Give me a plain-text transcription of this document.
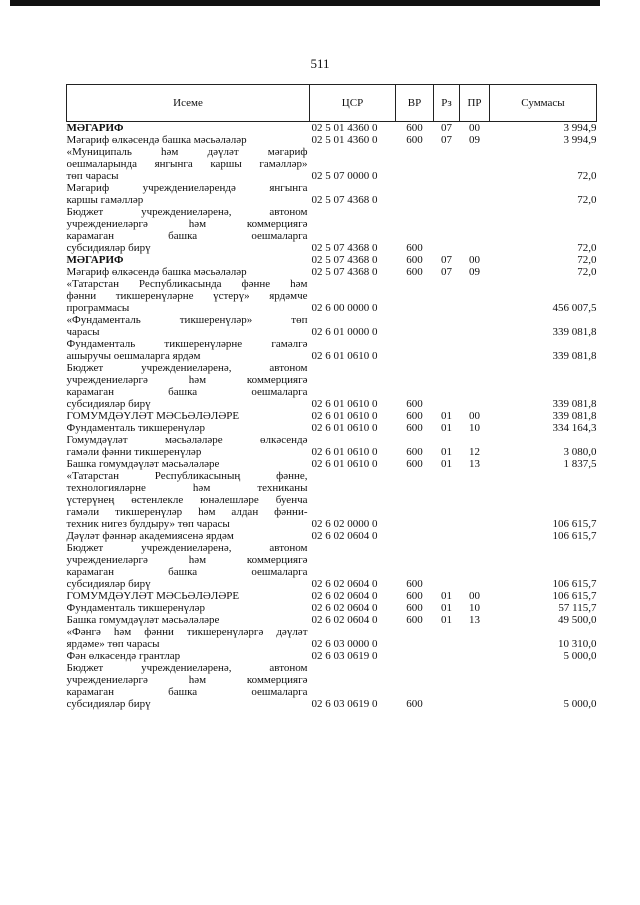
511
Исеме	ЦСР	ВР	Рз	ПР	Суммасы

МӘГАРИФ	02 5 01 4360 0	600	07	00	3 994,9

Мәгариф өлкәсендә башка мәсьәләләр	02 5 01 4360 0	600	07	09	3 994,9

«Муниципаль һәм дәүләт мәгариф
оешмаларында янгынга каршы гамәлләр»
төп чарасы	02 5 07 0000 0				72,0

Мәгариф учреждениеләрендә янгынга
каршы гамәлләр	02 5 07 4368 0				72,0

Бюджет учреждениеләренә, автоном
учреждениеләргә һәм коммерциягә
карамаган башка оешмаларга
субсидияләр бирү	02 5 07 4368 0	600			72,0

МӘГАРИФ	02 5 07 4368 0	600	07	00	72,0

Мәгариф өлкәсендә башка мәсьәләләр	02 5 07 4368 0	600	07	09	72,0

«Татарстан Республикасында фәнне һәм
фәнни тикшеренүләрне үстерү» ярдәмче
программасы	02 6 00 0000 0				456 007,5

«Фундаменталь тикшеренүләр» төп
чарасы	02 6 01 0000 0				339 081,8

Фундаменталь тикшеренүләрне гамәлгә
ашыручы оешмаларга ярдәм	02 6 01 0610 0				339 081,8

Бюджет учреждениеләренә, автоном
учреждениеләргә һәм коммерциягә
карамаган башка оешмаларга
субсидияләр бирү	02 6 01 0610 0	600			339 081,8

ГОМУМДӘҮЛӘТ МӘСЬӘЛӘЛӘРЕ	02 6 01 0610 0	600	01	00	339 081,8

Фундаменталь тикшеренүләр	02 6 01 0610 0	600	01	10	334 164,3

Гомумдәүләт мәсьәләләре өлкәсендә
гамәли фәнни тикшеренүләр	02 6 01 0610 0	600	01	12	3 080,0

Башка гомумдәүләт мәсьәләләре	02 6 01 0610 0	600	01	13	1 837,5

«Татарстан Республикасының фәнне,
технологияләрне һәм техниканы
үстерүнең өстенлекле юнәлешләре буенча
гамәли тикшеренүләр һәм алдан фәнни-
техник нигез булдыру» төп чарасы	02 6 02 0000 0				106 615,7

Дәүләт фәннәр академиясенә ярдәм	02 6 02 0604 0				106 615,7

Бюджет учреждениеләренә, автоном
учреждениеләргә һәм коммерциягә
карамаган башка оешмаларга
субсидияләр бирү	02 6 02 0604 0	600			106 615,7

ГОМУМДӘҮЛӘТ МӘСЬӘЛӘЛӘРЕ	02 6 02 0604 0	600	01	00	106 615,7

Фундаменталь тикшеренүләр	02 6 02 0604 0	600	01	10	57 115,7

Башка гомумдәүләт мәсьәләләре	02 6 02 0604 0	600	01	13	49 500,0

«Фәнгә һәм фәнни тикшеренүләргә дәүләт
ярдәме» төп чарасы	02 6 03 0000 0				10 310,0

Фән өлкәсендә грантлар	02 6 03 0619 0				5 000,0

Бюджет учреждениеләренә, автоном
учреждениеләргә һәм коммерциягә
карамаган башка оешмаларга
субсидияләр бирү	02 6 03 0619 0	600			5 000,0
